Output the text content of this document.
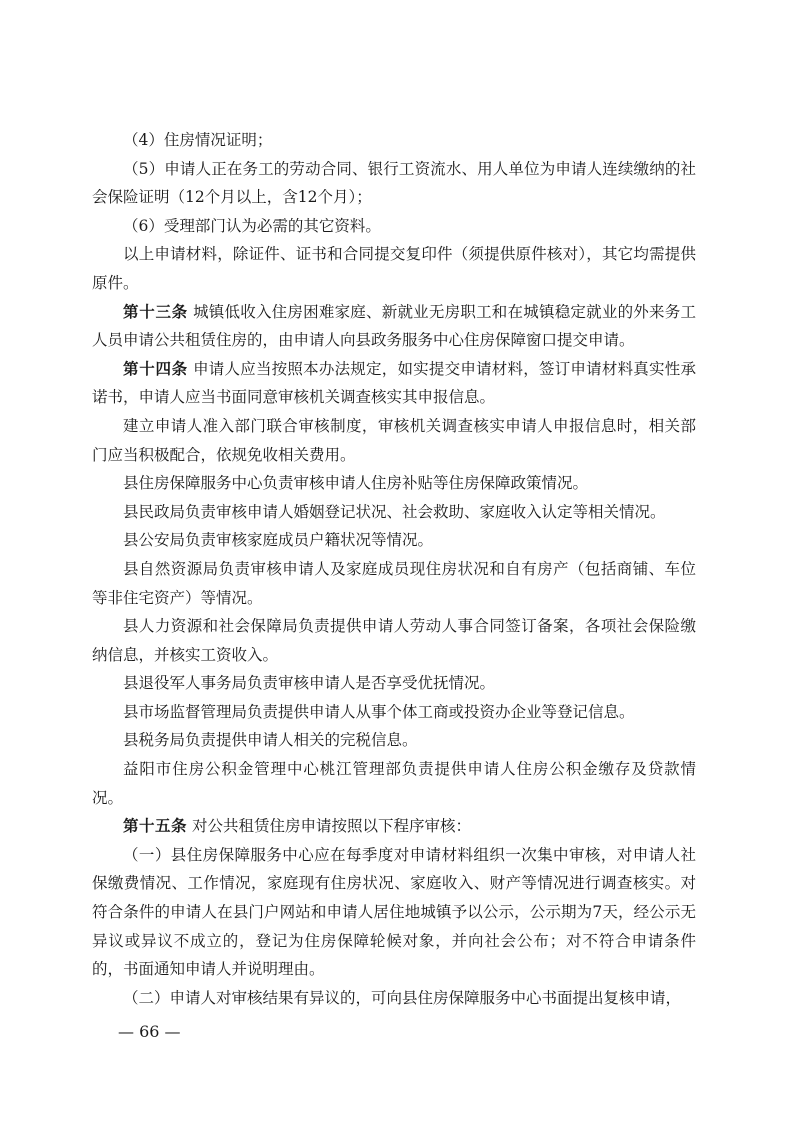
（4）住房情况证明；

（5）申请人正在务工的劳动合同、银行工资流水、用人单位为申请人连续缴纳的社会保险证明（12个月以上，含12个月）；

（6）受理部门认为必需的其它资料。

以上申请材料，除证件、证书和合同提交复印件（须提供原件核对），其它均需提供原件。

第十三条 城镇低收入住房困难家庭、新就业无房职工和在城镇稳定就业的外来务工人员申请公共租赁住房的，由申请人向县政务服务中心住房保障窗口提交申请。

第十四条 申请人应当按照本办法规定，如实提交申请材料，签订申请材料真实性承诺书，申请人应当书面同意审核机关调查核实其申报信息。

建立申请人准入部门联合审核制度，审核机关调查核实申请人申报信息时，相关部门应当积极配合，依规免收相关费用。

县住房保障服务中心负责审核申请人住房补贴等住房保障政策情况。

县民政局负责审核申请人婚姻登记状况、社会救助、家庭收入认定等相关情况。

县公安局负责审核家庭成员户籍状况等情况。

县自然资源局负责审核申请人及家庭成员现住房状况和自有房产（包括商铺、车位等非住宅资产）等情况。

县人力资源和社会保障局负责提供申请人劳动人事合同签订备案，各项社会保险缴纳信息，并核实工资收入。

县退役军人事务局负责审核申请人是否享受优抚情况。

县市场监督管理局负责提供申请人从事个体工商或投资办企业等登记信息。

县税务局负责提供申请人相关的完税信息。

益阳市住房公积金管理中心桃江管理部负责提供申请人住房公积金缴存及贷款情况。

第十五条 对公共租赁住房申请按照以下程序审核：

（一）县住房保障服务中心应在每季度对申请材料组织一次集中审核，对申请人社保缴费情况、工作情况，家庭现有住房状况、家庭收入、财产等情况进行调查核实。对符合条件的申请人在县门户网站和申请人居住地城镇予以公示，公示期为7天，经公示无异议或异议不成立的，登记为住房保障轮候对象，并向社会公布；对不符合申请条件的，书面通知申请人并说明理由。

（二）申请人对审核结果有异议的，可向县住房保障服务中心书面提出复核申请，

— 66 —
